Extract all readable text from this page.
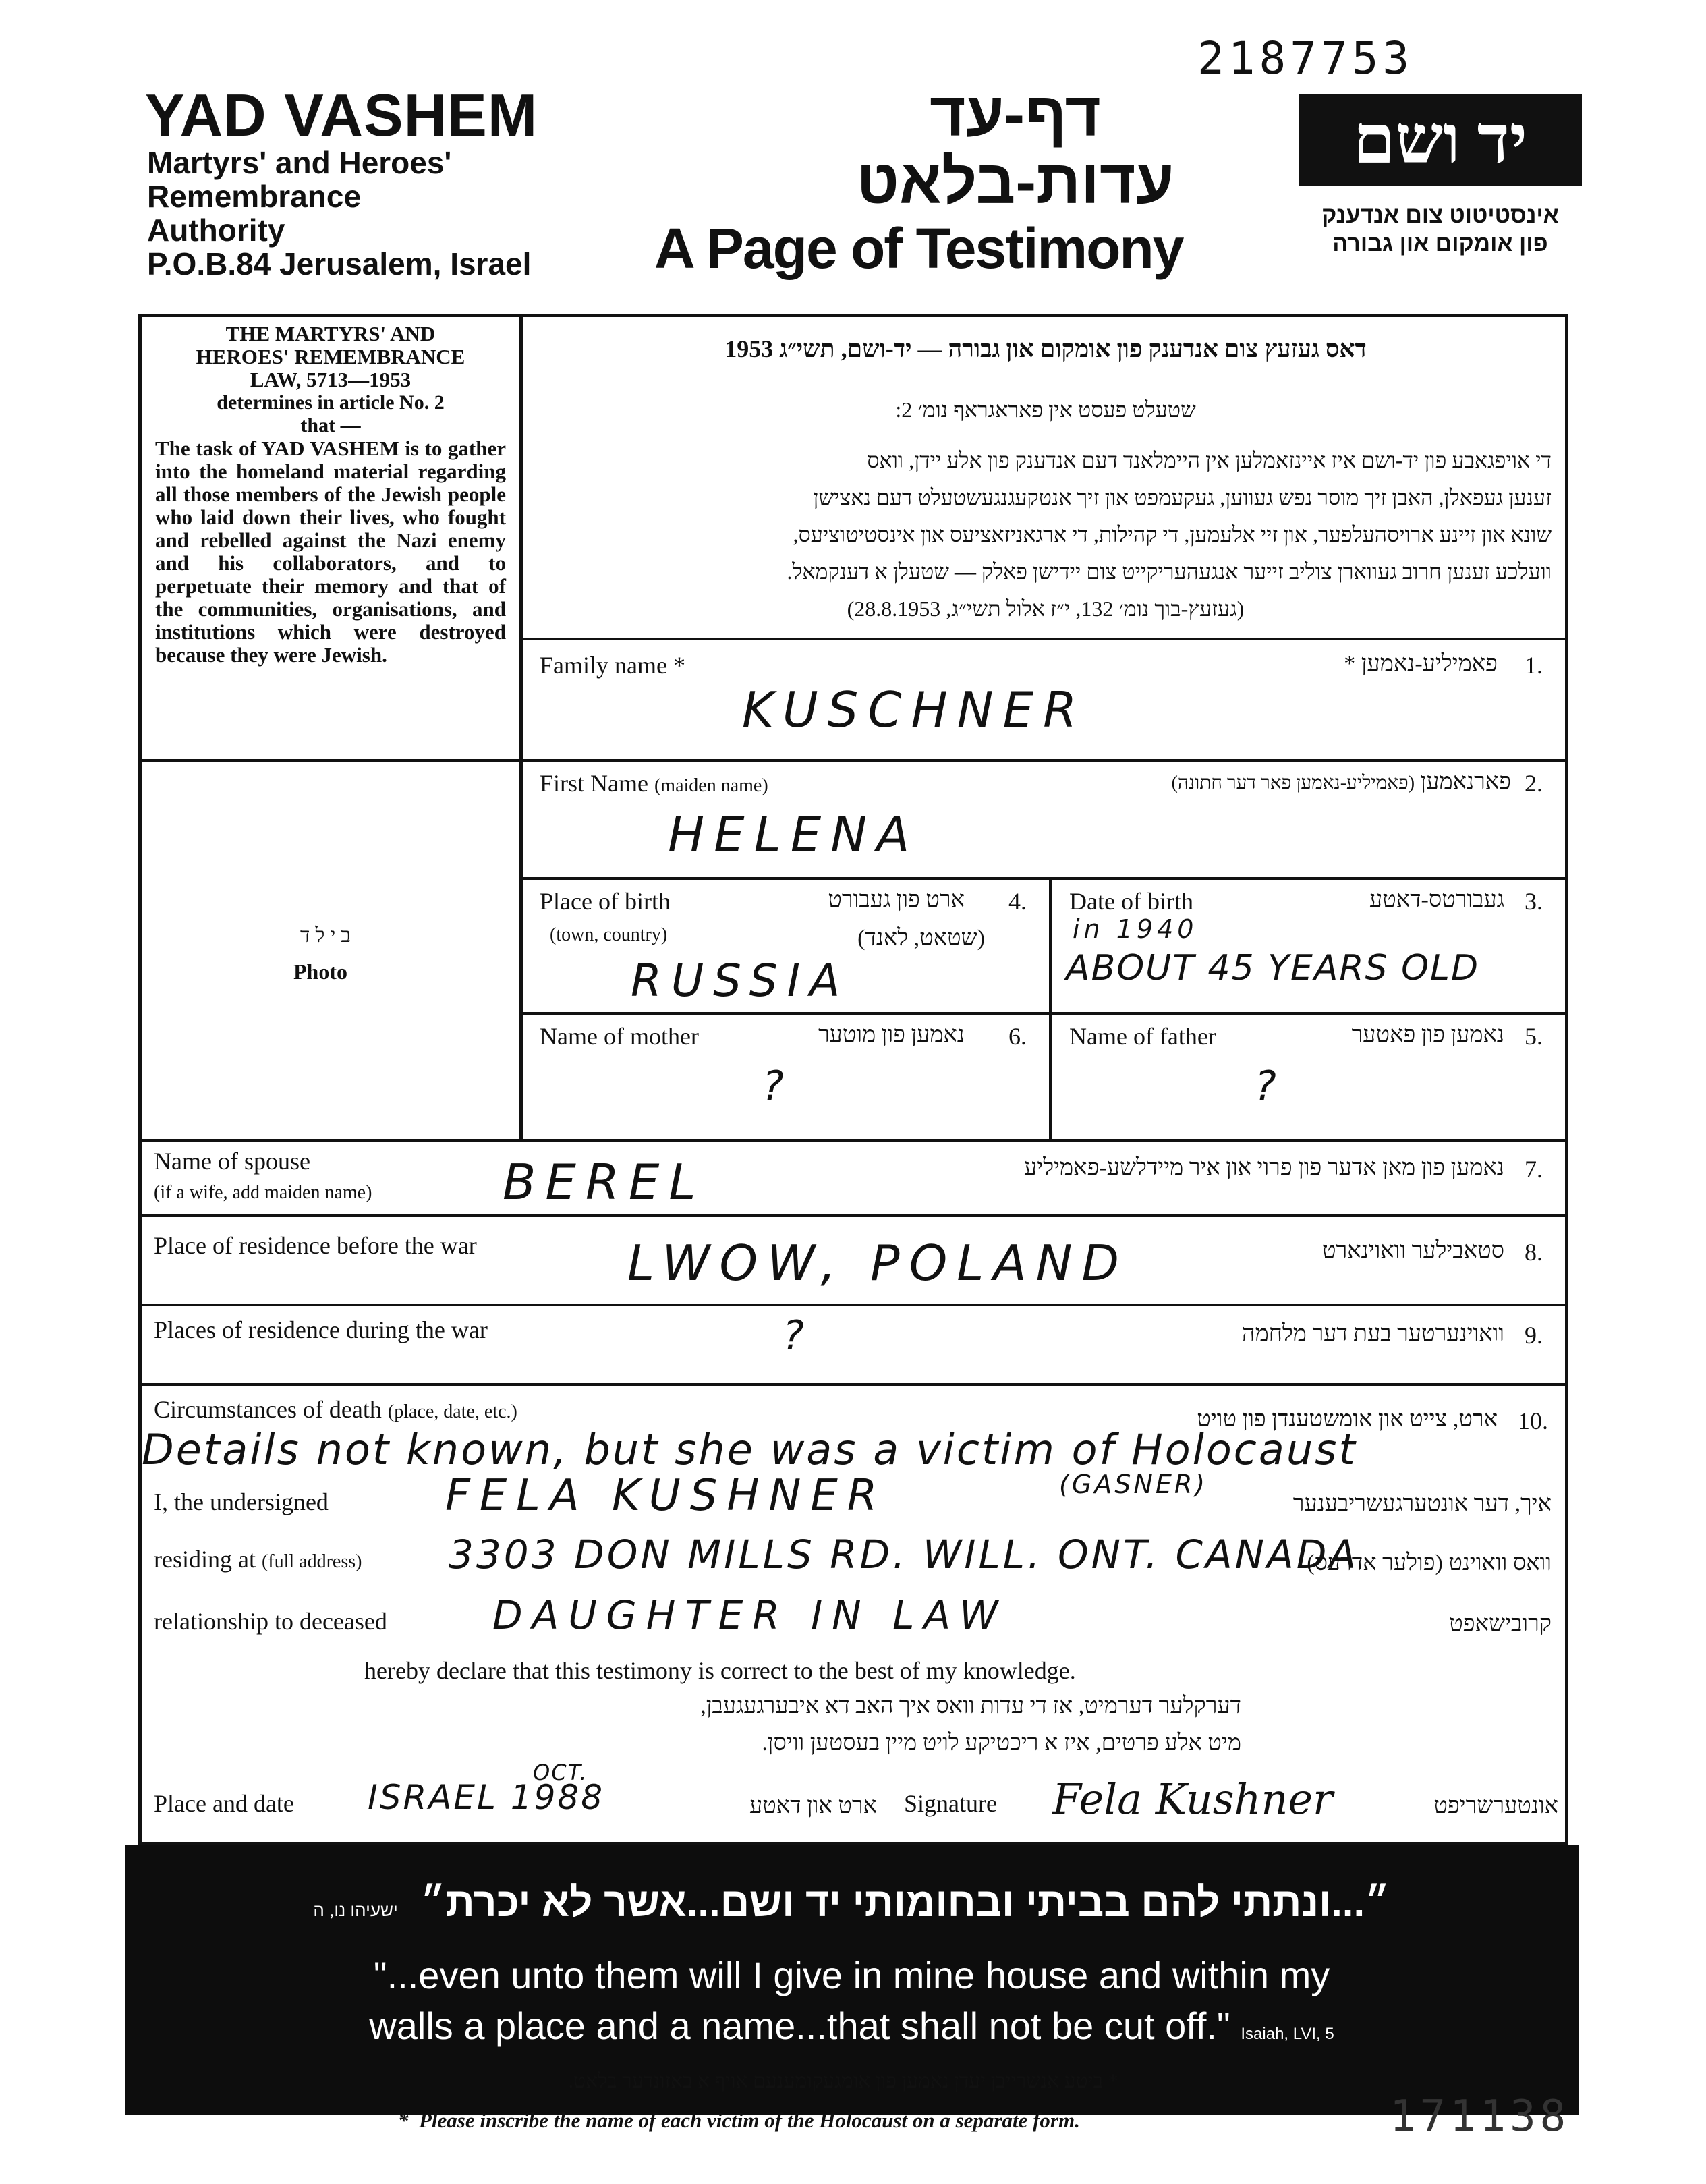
2187753
YAD VASHEM
Martyrs' and Heroes'
Remembrance
Authority
P.O.B.84 Jerusalem, Israel
דף-עד
עדות-בלאט
A Page of Testimony
יד ושם
אינסטיטוט צום אנדענק
פון אומקום און גבורה
THE MARTYRS' AND
HEROES' REMEMBRANCE
LAW, 5713—1953
determines in article No. 2
that —
The task of YAD VASHEM is to gather into the homeland material regarding all those members of the Jewish people who laid down their lives, who fought and rebelled against the Nazi enemy and his collaborators, and to perpetuate their memory and that of the communities, organisations, and institutions which were destroyed because they were Jewish.
בילד
Photo
דאס געזעץ צום אנדענק פון אומקום און גבורה — יד-ושם, תשי״ג 1953
שטעלט פעסט אין פאראגראף נומ׳ 2:
די אויפגאבע פון יד-ושם איז איינזאמלען אין היימלאנד דעם אנדענק פון אלע יידן, וואס
זענען געפאלן, האבן זיך מוסר נפש געווען, געקעמפט און זיך אנטקעגנגעשטעלט דעם נאצישן
שונא און זיינע ארויסהעלפער, און זיי אלעמען, די קהילות, די ארגאניזאציעס און אינסטיטוציעס,
וועלכע זענען חרוב געווארן צוליב זייער אנגעהעריקייט צום יידישן פאלק — שטעלן א דענקמאל.
(געזעץ-בוך נומ׳ 132, י״ז אלול תשי״ג, 28.8.1953)
Family name *	פאמיליע-נאמען * 1.
KUSCHNER
First Name (maiden name)	פארנאמען (פאמיליע-נאמען פאר דער חתונה)	2.
HELENA
Place of birth
(town, country)
ארט פון געבורט
(שטאט, לאנד)
4.
RUSSIA
Date of birth	געבורטס-דאטע 3.
in 1940
ABOUT 45 YEARS OLD
Name of mother	נאמען פון מוטער 6.
?
Name of father	נאמען פון פאטער 5.
?
Name of spouse
(if a wife, add maiden name)
נאמען פון מאן אדער פון פרוי און איר מיידלשע-פאמיליע 7.
BEREL
Place of residence before the war	סטאבילער וואוינארט 8.
LWOW, POLAND
Places of residence during the war	וואוינערטער בעת דער מלחמה 9.
?
Circumstances of death (place, date, etc.)	ארט, צייט און אומשטענדן פון טויט 10.
Details not known, but she was a victim of Holocaust
I, the undersigned	איך, דער אונטערגעשריבענער
FELA KUSHNER	(GASNER)
residing at (full address)	וואס וואוינט (פולער אדרעס)
3303 DON MILLS RD. WILL. ONT. CANADA
relationship to deceased	קרובישאפט
DAUGHTER IN LAW
hereby declare that this testimony is correct to the best of my knowledge.
דערקלער דערמיט, אז די עדות וואס איך האב דא איבערגעגעבן,
מיט אלע פרטים, איז א ריכטיקע לויט מיין בעסטען וויסן.
Place and date ISRAEL 1988
OCT.
ארט און דאטע Signature Fela Kushner	אונטערשריפט
״...ונתתי להם בביתי ובחומותי יד ושם...אשר לא יכרת״  ישעיהו נו, ה
"...even unto them will I give in mine house and within my
walls a place and a name...that shall not be cut off." Isaiah, LVI, 5
* ביטע אנשרייבן יעדן נאמען פון אומגעקומענעם אויף א באזונדער בלאט.
*  Please inscribe the name of each victim of the Holocaust on a separate form.	171138
